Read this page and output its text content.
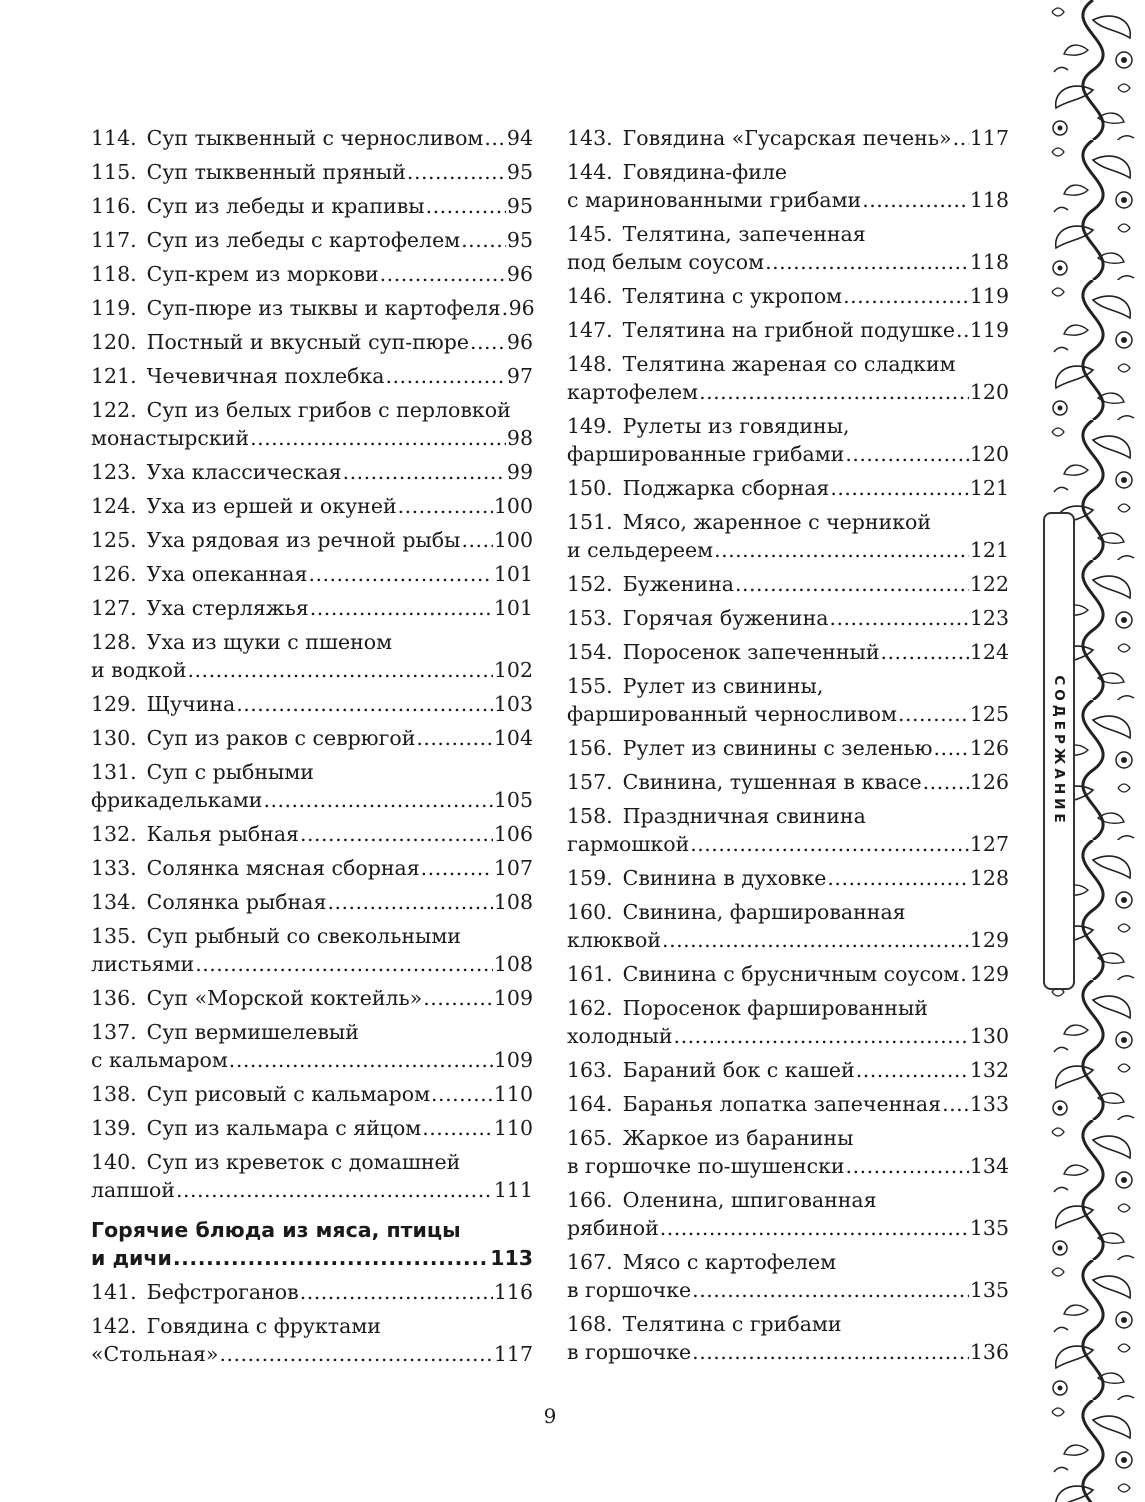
114. Суп тыквенный с черносливом ..... 94
115. Суп тыквенный пряный .....	95
116. Суп из лебеды и крапивы .....	95
117. Суп из лебеды с картофелем ..... 95
118. Суп-крем из моркови .....	96
119. Суп-пюре из тыквы и картофеля ..... 96
120. Постный и вкусный суп-пюре ..... 96
121. Чечевичная похлебка .....	97
122. Суп из белых грибов с перловкой
монастырский .....	98
123. Уха классическая .....	99
124. Уха из ершей и окуней .....	100
125. Уха рядовая из речной рыбы ..... 100
126. Уха опеканная .....	101
127. Уха стерляжья .....	101
128. Уха из щуки с пшеном
и водкой .....	102
129. Щучина .....	103
130. Суп из раков с севрюгой .....	104
131. Суп с рыбными
фрикадельками .....	105
132. Калья рыбная .....	106
133. Солянка мясная сборная .....	107
134. Солянка рыбная .....	108
135. Суп рыбный со свекольными
листьями .....	108
136. Суп «Морской коктейль» .....	109
137. Суп вермишелевый
с кальмаром .....	109
138. Суп рисовый с кальмаром .....	110
139. Суп из кальмара с яйцом .....	110
140. Суп из креветок с домашней
лапшой .....	111
Горячие блюда из мяса, птицы
и дичи .....	113
141. Бефстроганов .....	116
142. Говядина с фруктами
«Стольная» .....	117
143. Говядина «Гусарская печень» ..... 117
144. Говядина-филе
с маринованными грибами .....	118
145. Телятина, запеченная
под белым соусом .....	118
146. Телятина с укропом .....	119
147. Телятина на грибной подушке ..... 119
148. Телятина жареная со сладким
картофелем .....	120
149. Рулеты из говядины,
фаршированные грибами .....	120
150. Поджарка сборная .....	121
151. Мясо, жаренное с черникой
и сельдереем .....	121
152. Буженина .....	122
153. Горячая буженина .....	123
154. Поросенок запеченный .....	124
155. Рулет из свинины,
фаршированный черносливом .....	125
156. Рулет из свинины с зеленью ..... 126
157. Свинина, тушенная в квасе ..... 126
158. Праздничная свинина
гармошкой .....	127
159. Свинина в духовке .....	128
160. Свинина, фаршированная
клюквой .....	129
161. Свинина с брусничным соусом ..... 129
162. Поросенок фаршированный
холодный .....	130
163. Бараний бок с кашей .....	132
164. Баранья лопатка запеченная ..... 133
165. Жаркое из баранины
в горшочке по-шушенски .....	134
166. Оленина, шпигованная
рябиной .....	135
167. Мясо с картофелем
в горшочке .....	135
168. Телятина с грибами
в горшочке .....	136
9
СОДЕРЖАНИЕ
